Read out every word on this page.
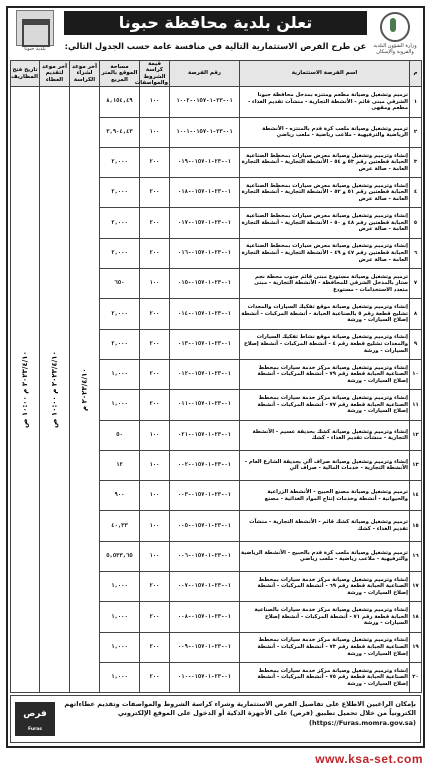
وزارة الشؤون البلدية والقروية والإسكان
تعلن بلدية محافظة حبونا
عن طرح الفرص الاستثمارية التالية في منافسة عامة حسب الجدول التالي:
بلدية حبونا
م	اسم الفرصة الاستثمارية	رقم الفرصة	قيمة كراسة الشروط والمواصفات	مساحة الموقع بالمتر المربع	آخر موعد لشراء الكراسة	آخر موعد لتقديم العطاء	تاريخ فتح المظاريف
١	ترميم وتشغيل وصيانة مطعم ومتنزه بمدخل محافظة حبونا الشرقي مبنى قائم - الأنشطة التجارية - منشآت تقديم الغذاء - مطعم ومقهى	٠١-٢٣-٠١٥٧٠١-١٠٠٢	١٠٠	٨,١٥٤,٤٩	٢٠٢٣/٤/١٠ م	٢٠٢٣/٤/١٠ م ١٠:٠٠ ص	٢٠٢٣/٤/١٠ م ١٠:٠٠ ص
٢	ترميم وتشغيل وصيانة ملعب كرة قدم بالمنتزه - الأنشطة الرياضية والترفيهية - ملاعب رياضية - ملعب رياضي	٠١-٢٣-٠١٥٧٠١-١٠٠١	١٠٠	٣,٩٠٤,٤٣			
٣	إنشاء وترميم وتشغيل وصيانة معرض سيارات بمخطط الصناعية الحبابة قطعتين رقم ٥٣ و ٥٤ - الأنشطة التجارية - أنشطة التجارة العامة - صالة عرض	٠١-٢٣-٠١٥٧٠١-٠١٩	٢٠٠	٢,٠٠٠			
٤	إنشاء وترميم وتشغيل وصيانة معرض سيارات بمخطط الصناعية الحبابة قطعتين رقم ٥١ و ٥٢ - الأنشطة التجارية - أنشطة التجارة العامة - صالة عرض	٠١-٢٣-٠١٥٧٠١-٠١٨	٢٠٠	٢,٠٠٠			
٥	إنشاء وترميم وتشغيل وصيانة معرض سيارات بمخطط الصناعية الحبابة قطعتين رقم ٤٨ و ٥٠ - الأنشطة التجارية - أنشطة التجارة العامة - صالة عرض	٠١-٢٣-٠١٥٧٠١-٠١٧	٢٠٠	٢,٠٠٠			
٦	إنشاء وترميم وتشغيل وصيانة معرض سيارات بمخطط الصناعية الحبابة قطعتين رقم ٤٧ و ٤٩ - الأنشطة التجارية - أنشطة التجارة العامة - صالة عرض	٠١-٢٣-٠١٥٧٠١-٠١٦	٢٠٠	٢,٠٠٠			
٧	ترميم وتشغيل وصيانة مستودع مبنى قائم جنوب محطة نجم ستار بالمدخل الشرقي للمحافظة - الأنشطة التجارية - مبنى متعدد الاستخدامات - مستودع	٠١-٢٣-٠١٥٧٠١-٠١٥	١٠٠	٦٥٠			
٨	إنشاء وترميم وتشغيل وصيانة موقع تفكيك السيارات والمعدات تشليح قطعة رقم ٥ بالصناعية الحبابة - أنشطة المركبات - أنشطة إصلاح السيارات - ورشة	٠١-٢٣-٠١٥٧٠١-٠١٤	٢٠٠	٢,٠٠٠			
٩	إنشاء وترميم وتشغيل وصيانة موقع نشاط تفكيك السيارات والمعدات تشليح قطعة رقم ٤ - أنشطة المركبات - أنشطة إصلاح السيارات - ورشة	٠١-٢٣-٠١٥٧٠١-٠١٣	٢٠٠	٢,٠٠٠			
١٠	إنشاء وترميم وتشغيل وصيانة مركز خدمة سيارات بمخطط الصناعية الحبابة قطعة رقم ٧٩ - أنشطة المركبات - أنشطة إصلاح السيارات - ورشة	٠١-٢٣-٠١٥٧٠١-٠١٢	٢٠٠	١,٠٠٠			
١١	إنشاء وترميم وتشغيل وصيانة مركز خدمة سيارات بمخطط الصناعية الحبابة قطعة رقم ٧٧ - أنشطة المركبات - أنشطة إصلاح السيارات - ورشة	٠١-٢٣-٠١٥٧٠١-٠١١	٢٠٠	١,٠٠٠			
١٢	إنشاء وترميم وتشغيل وصيانة كشك بحديقة عسيم - الأنشطة التجارية - منشآت تقديم الغذاء - كشك	٠١-٢٣-٠١٥٧٠١-٠٢١	١٠٠	٥٠			
١٣	إنشاء وترميم وتشغيل وصيانة صراف آلي بحديقة الشارع العام - الأنشطة التجارية - خدمات المالية - صراف آلي	٠١-٢٣-٠١٥٧٠١-٠٠٢	١٠٠	١٢			
١٤	ترميم وتشغيل وصيانة مصنع الحبيح - الأنشطة الزراعية والحيوانية - أنشطة وخدمات إنتاج المواد الغذائية - مصنع	٠١-٢٣-٠١٥٧٠١-٠٠٣	١٠٠	٩٠٠			
١٥	ترميم وتشغيل وصيانة كشك قائم - الأنشطة التجارية - منشآت تقديم الغذاء - كشك	٠١-٢٣-٠١٥٧٠١-٠٠٥	١٠٠	٤٠,٣٣			
١٦	ترميم وتشغيل وصيانة ملعب كرة قدم بالحبيح - الأنشطة الرياضية والترفيهية - ملاعب رياضية - ملعب رياضي	٠١-٢٣-٠١٥٧٠١-٠٠٦	١٠٠	٥,٥٣٣,٦٥			
١٧	إنشاء وترميم وتشغيل وصيانة مركز خدمة سيارات بمخطط الصناعية الحبابة قطعة رقم ٦٩ - أنشطة المركبات - أنشطة إصلاح السيارات - ورشة	٠١-٢٣-٠١٥٧٠١-٠٠٧	٢٠٠	١,٠٠٠			
١٨	إنشاء وترميم وتشغيل وصيانة مركز خدمة سيارات بالصناعية الحبابة قطعة رقم ٧١ - أنشطة المركبات - أنشطة إصلاح السيارات - ورشة	٠١-٢٣-٠١٥٧٠١-٠٠٨	٢٠٠	١,٠٠٠			
١٩	إنشاء وترميم وتشغيل وصيانة مركز خدمة سيارات بمخطط الصناعية الحبابة قطعة رقم ٧٣ - أنشطة المركبات - أنشطة إصلاح السيارات - ورشة	٠١-٢٣-٠١٥٧٠١-٠٠٩	٢٠٠	١,٠٠٠			
٢٠	إنشاء وترميم وتشغيل وصيانة مركز خدمة سيارات بمخطط الصناعية الحبابة قطعة رقم ٧٥ - أنشطة المركبات - أنشطة إصلاح السيارات - ورشة	٠١-٢٣-٠١٥٧٠١-٠١٠	٢٠٠	١,٠٠٠			
بإمكان الراغبين الاطلاع على تفاصيل الفرص الاستثمارية وشراء كراسة الشروط والمواصفات وتقديم عطاءاتهم الكترونياً من خلال تحميل تطبيق (فرص) على الأجهزة الذكية أو الدخول على الموقع الإلكتروني (https://Furas.momra.gov.sa)
فرص
Furas
www.ksa-set.com
